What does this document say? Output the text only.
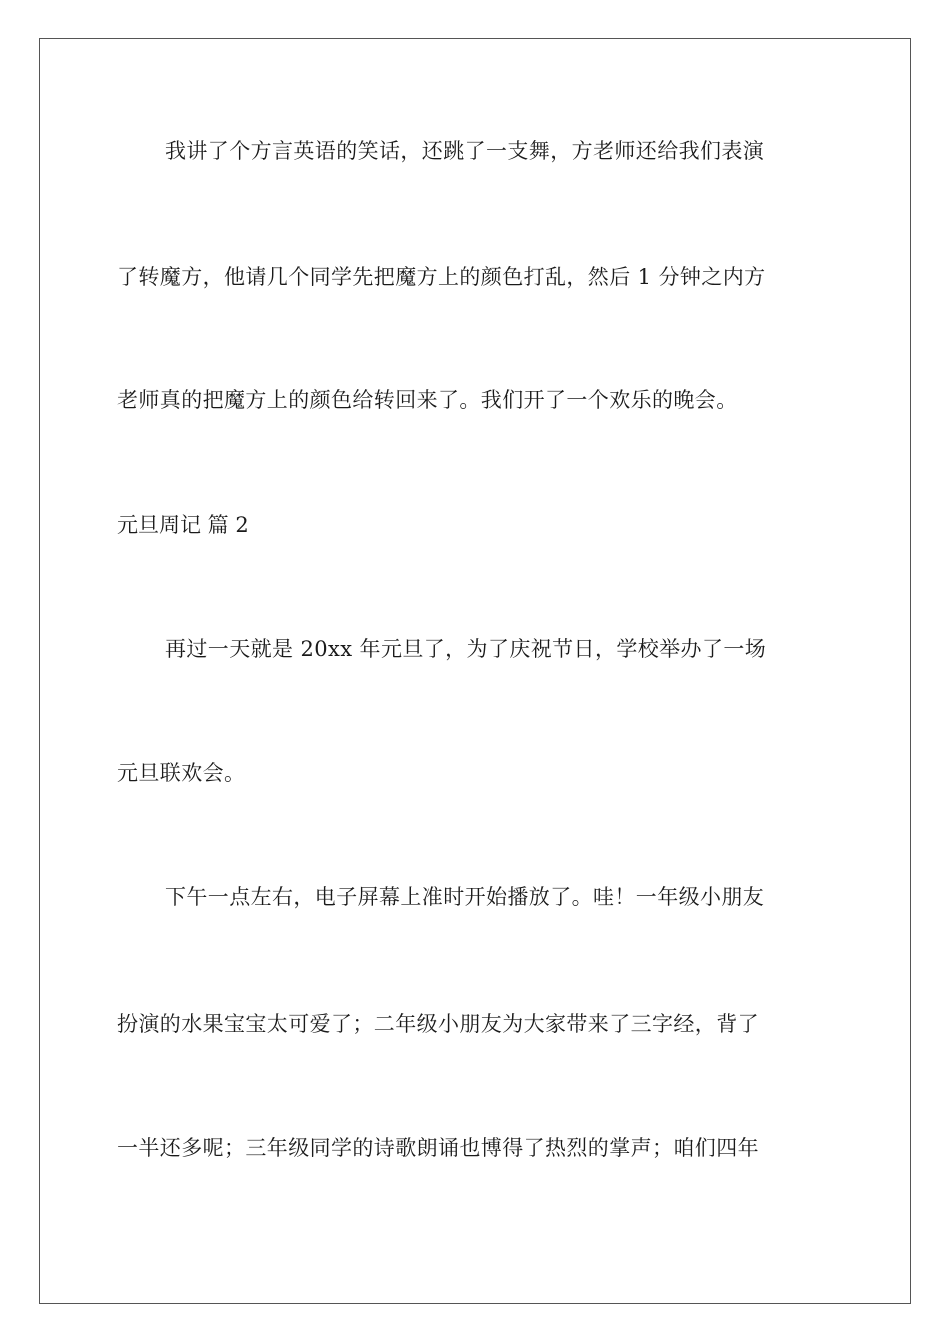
我讲了个方言英语的笑话，还跳了一支舞，方老师还给我们表演
了转魔方，他请几个同学先把魔方上的颜色打乱，然后 1 分钟之内方
老师真的把魔方上的颜色给转回来了。我们开了一个欢乐的晚会。
元旦周记 篇 2
再过一天就是 20xx 年元旦了，为了庆祝节日，学校举办了一场
元旦联欢会。
下午一点左右，电子屏幕上准时开始播放了。哇！一年级小朋友
扮演的水果宝宝太可爱了；二年级小朋友为大家带来了三字经，背了
一半还多呢；三年级同学的诗歌朗诵也博得了热烈的掌声；咱们四年
